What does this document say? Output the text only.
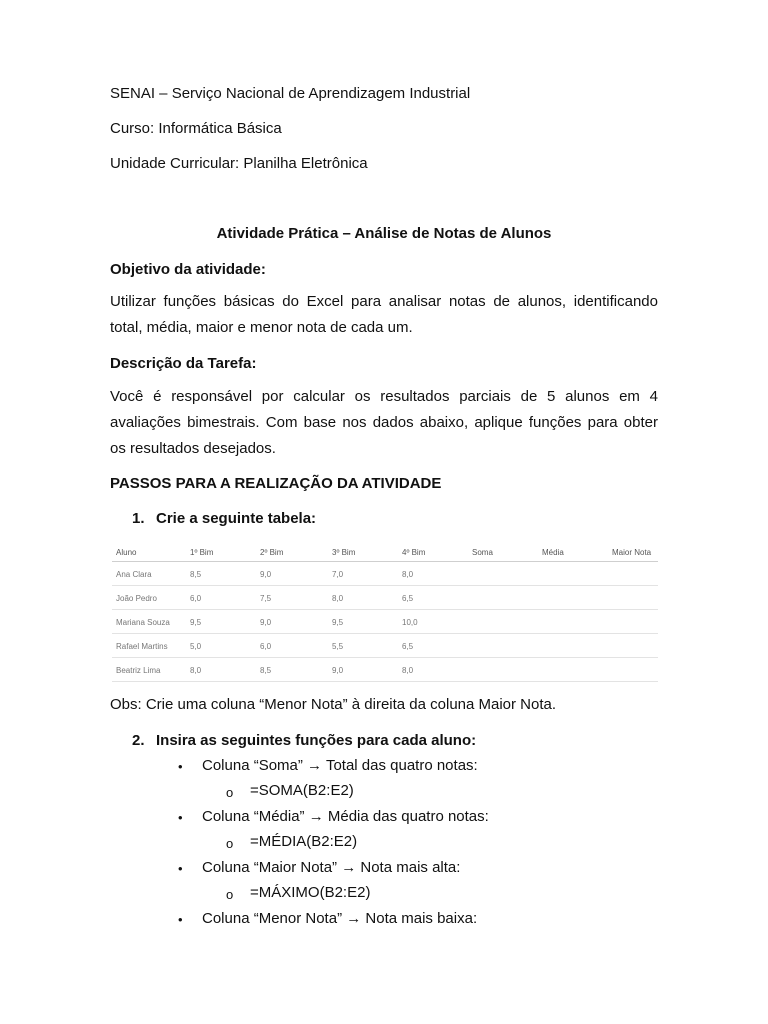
SENAI – Serviço Nacional de Aprendizagem Industrial
Curso: Informática Básica
Unidade Curricular: Planilha Eletrônica
Atividade Prática – Análise de Notas de Alunos
Objetivo da atividade:
Utilizar funções básicas do Excel para analisar notas de alunos, identificando
total, média, maior e menor nota de cada um.
Descrição da Tarefa:
Você é responsável por calcular os resultados parciais de 5 alunos em 4
avaliações bimestrais. Com base nos dados abaixo, aplique funções para obter
os resultados desejados.
PASSOS PARA A REALIZAÇÃO DA ATIVIDADE
1. Crie a seguinte tabela:
Aluno	1º Bim	2º Bim	3º Bim	4º Bim	Soma	Média	Maior Nota
Ana Clara	8,5	9,0	7,0	8,0
João Pedro	6,0	7,5	8,0	6,5
Mariana Souza	9,5	9,0	9,5	10,0
Rafael Martins	5,0	6,0	5,5	6,5
Beatriz Lima	8,0	8,5	9,0	8,0
Obs: Crie uma coluna “Menor Nota” à direita da coluna Maior Nota.
2. Insira as seguintes funções para cada aluno:
• Coluna “Soma” → Total das quatro notas:
o =SOMA(B2:E2)
• Coluna “Média” → Média das quatro notas:
o =MÉDIA(B2:E2)
• Coluna “Maior Nota” → Nota mais alta:
o =MÁXIMO(B2:E2)
• Coluna “Menor Nota” → Nota mais baixa:
